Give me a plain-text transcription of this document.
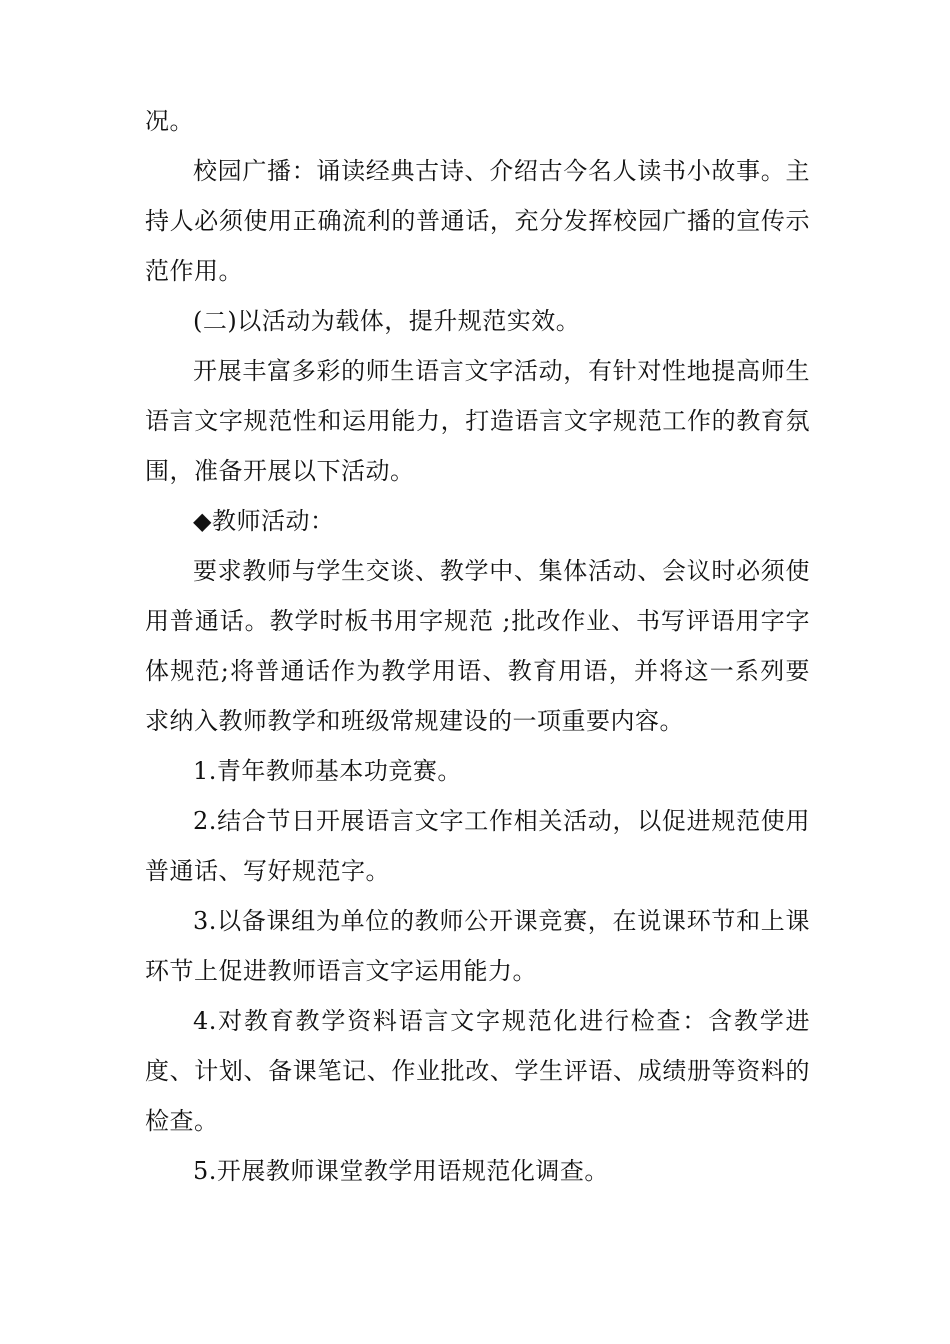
况。

校园广播：诵读经典古诗、介绍古今名人读书小故事。主持人必须使用正确流利的普通话，充分发挥校园广播的宣传示范作用。

(二)以活动为载体，提升规范实效。

开展丰富多彩的师生语言文字活动，有针对性地提高师生语言文字规范性和运用能力，打造语言文字规范工作的教育氛围，准备开展以下活动。

◆教师活动：

要求教师与学生交谈、教学中、集体活动、会议时必须使用普通话。教学时板书用字规范 ;批改作业、书写评语用字字体规范;将普通话作为教学用语、教育用语，并将这一系列要求纳入教师教学和班级常规建设的一项重要内容。

1.青年教师基本功竞赛。

2.结合节日开展语言文字工作相关活动，以促进规范使用普通话、写好规范字。

3.以备课组为单位的教师公开课竞赛，在说课环节和上课环节上促进教师语言文字运用能力。

4.对教育教学资料语言文字规范化进行检查：含教学进度、计划、备课笔记、作业批改、学生评语、成绩册等资料的检查。

5.开展教师课堂教学用语规范化调查。
